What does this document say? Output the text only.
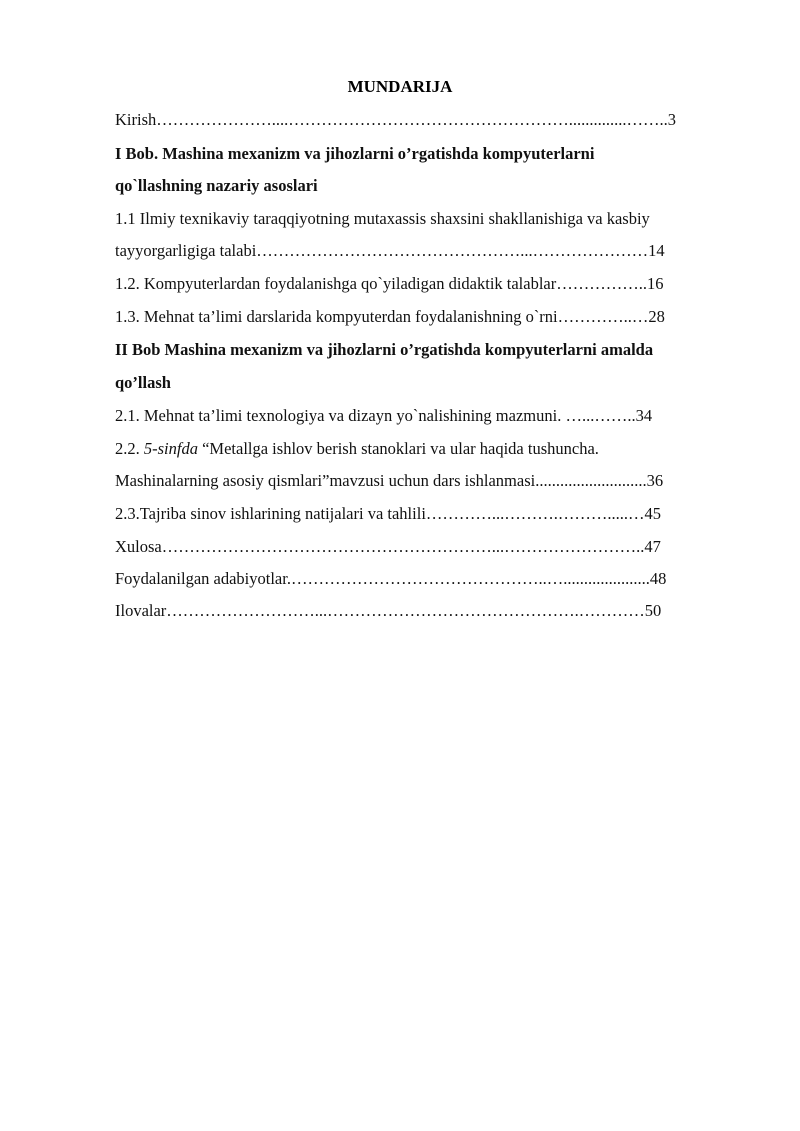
MUNDARIJA
Kirish…………………....……………………………………………..............……..3
I Bob. Mashina mexanizm va jihozlarni o’rgatishda kompyuterlarni
qo`llashning nazariy asoslari
1.1 Ilmiy texnikaviy taraqqiyotning mutaxassis shaxsini shakllanishiga va kasbiy
tayyorgarligiga talabi…………………………………………...…………………14
1.2. Kompyuterlardan foydalanishga qo`yiladigan didaktik talablar……………..16
1.3. Mehnat ta’limi darslarida kompyuterdan foydalanishning o`rni…………..…28
II Bob Mashina mexanizm va jihozlarni o’rgatishda kompyuterlarni amalda
qo’llash
2.1. Mehnat ta’limi texnologiya va dizayn yo`nalishining mazmuni. …...……..34
2.2. 5-sinfda “Metallga ishlov berish stanoklari va ular haqida tushuncha.
Mashinalarning asosiy qismlari”mavzusi uchun dars ishlanmasi...........................36
2.3.Tajriba sinov ishlarining natijalari va tahlili…………...……….……….....…45
Xulosa……………………………………………………...……………………..47
Foydalanilgan adabiyotlar.………………………………………..….....................48
Ilovalar………………………...……………………………………….…………50
